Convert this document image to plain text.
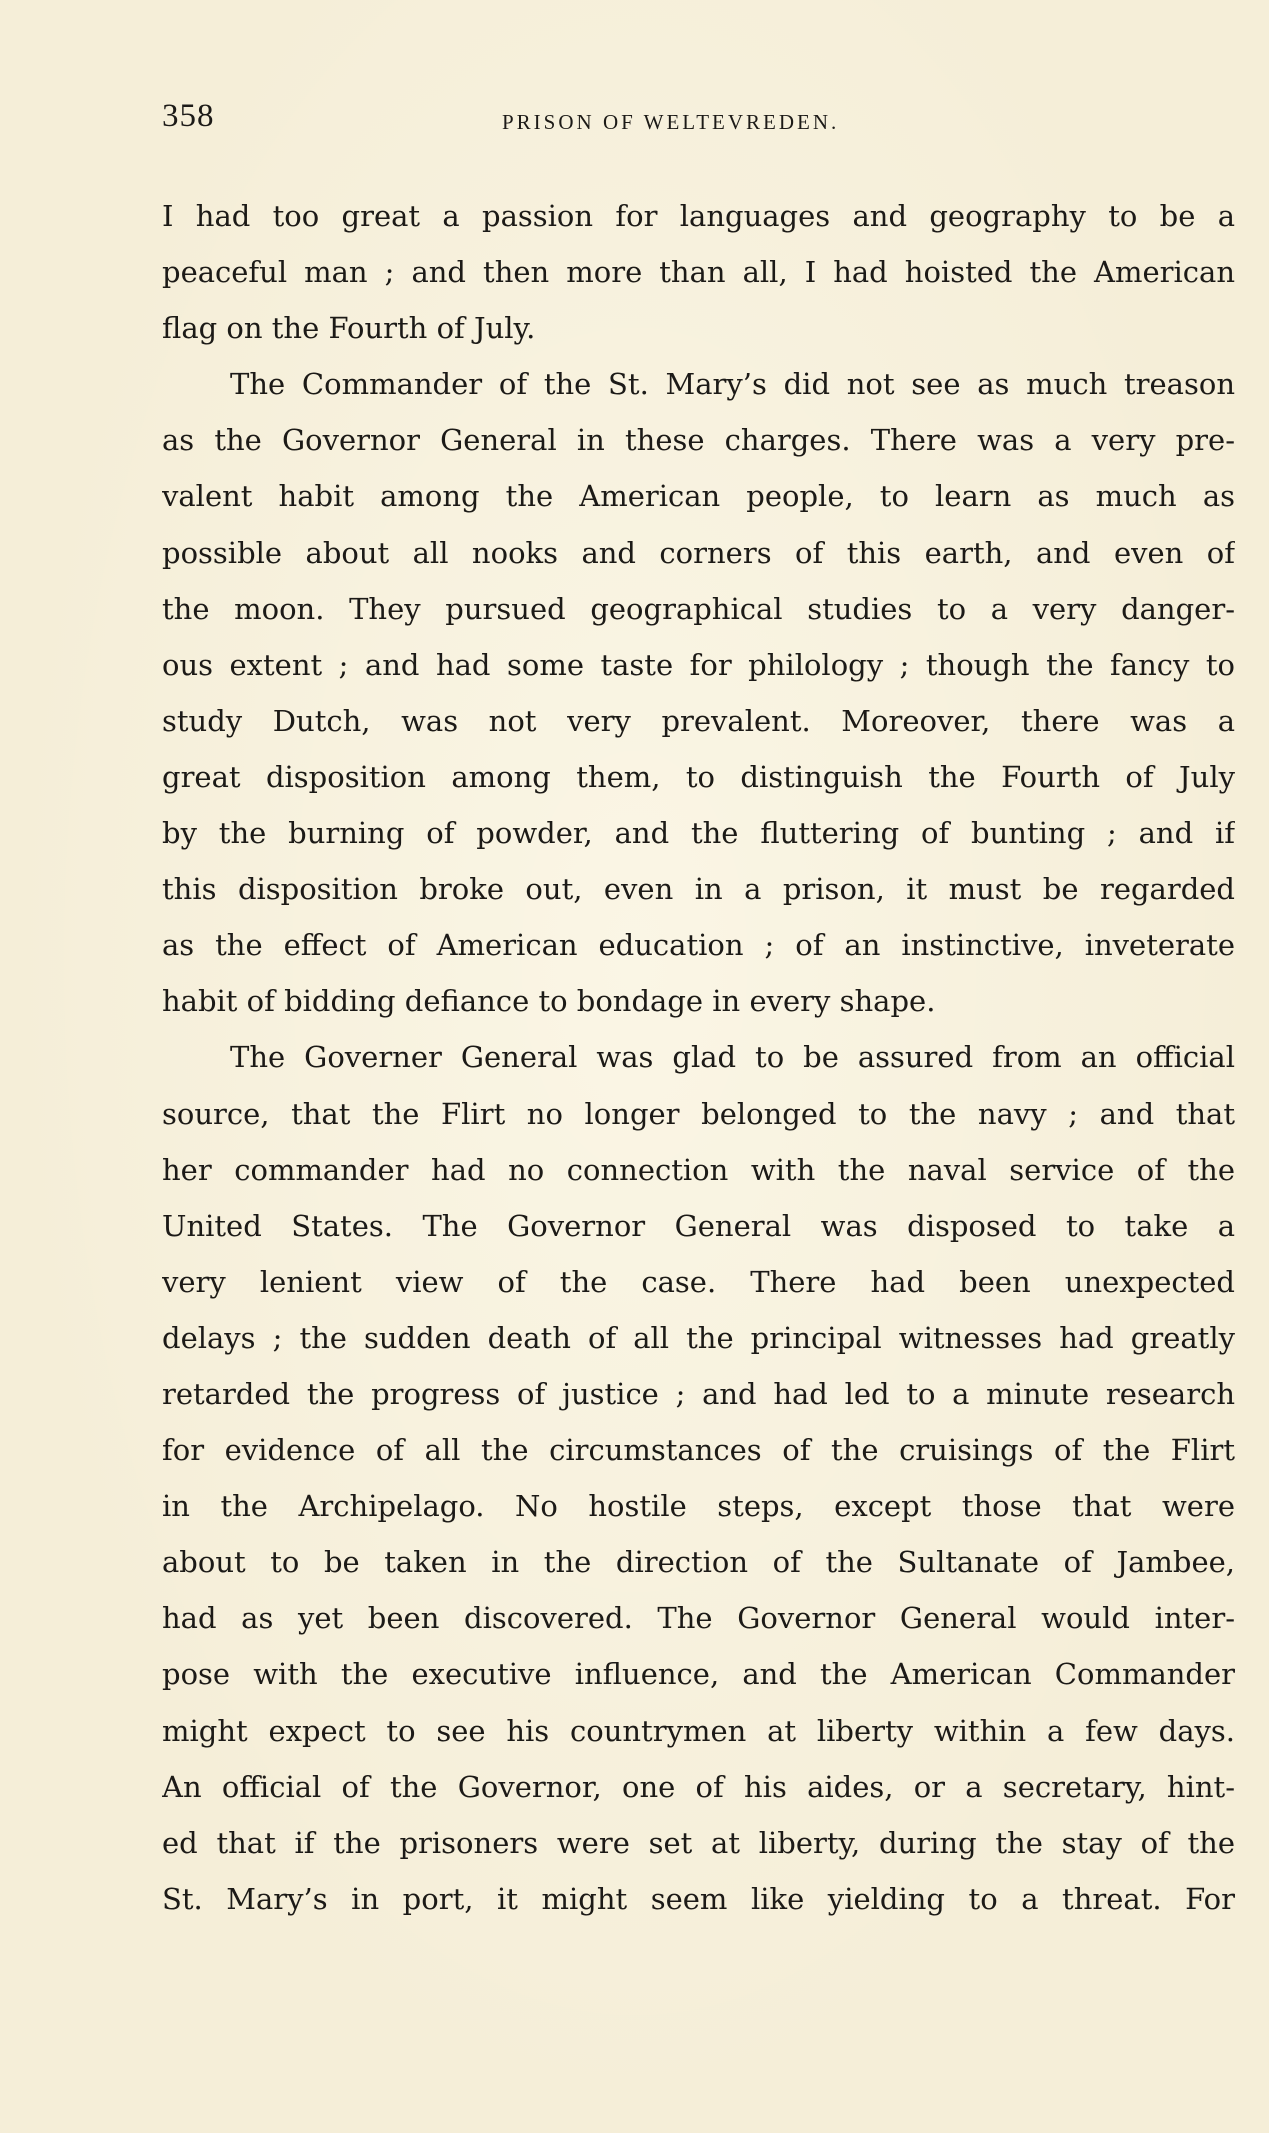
358	PRISON OF WELTEVREDEN.
I had too great a passion for languages and geography to be a
peaceful man ; and then more than all, I had hoisted the American
flag on the Fourth of July.
The Commander of the St. Mary’s did not see as much treason
as the Governor General in these charges. There was a very pre-
valent habit among the American people, to learn as much as
possible about all nooks and corners of this earth, and even of
the moon. They pursued geographical studies to a very danger-
ous extent ; and had some taste for philology ; though the fancy to
study Dutch, was not very prevalent. Moreover, there was a
great disposition among them, to distinguish the Fourth of July
by the burning of powder, and the fluttering of bunting ; and if
this disposition broke out, even in a prison, it must be regarded
as the effect of American education ; of an instinctive, inveterate
habit of bidding defiance to bondage in every shape.
The Governer General was glad to be assured from an official
source, that the Flirt no longer belonged to the navy ; and that
her commander had no connection with the naval service of the
United States. The Governor General was disposed to take a
very lenient view of the case. There had been unexpected
delays ; the sudden death of all the principal witnesses had greatly
retarded the progress of justice ; and had led to a minute research
for evidence of all the circumstances of the cruisings of the Flirt
in the Archipelago. No hostile steps, except those that were
about to be taken in the direction of the Sultanate of Jambee,
had as yet been discovered. The Governor General would inter-
pose with the executive influence, and the American Commander
might expect to see his countrymen at liberty within a few days.
An official of the Governor, one of his aides, or a secretary, hint-
ed that if the prisoners were set at liberty, during the stay of the
St. Mary’s in port, it might seem like yielding to a threat. For
